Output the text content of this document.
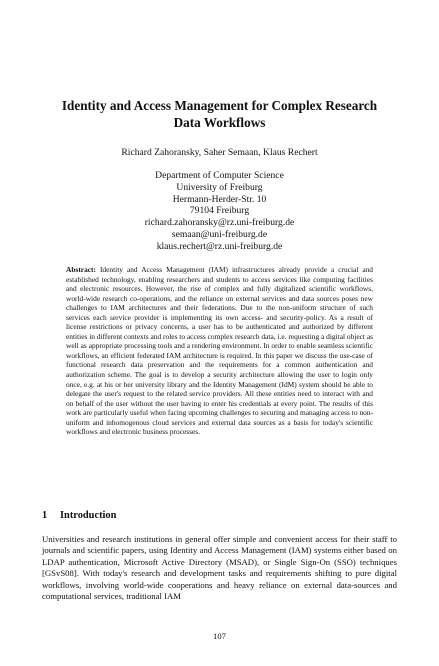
Identity and Access Management for Complex Research
Data Workflows

Richard Zahoransky, Saher Semaan, Klaus Rechert

Department of Computer Science
University of Freiburg
Hermann-Herder-Str. 10
79104 Freiburg
richard.zahoransky@rz.uni-freiburg.de
semaan@uni-freiburg.de
klaus.rechert@rz.uni-freiburg.de

Abstract: Identity and Access Management (IAM) infrastructures already provide a crucial and established technology, enabling researchers and students to access services like computing facilities and electronic resources. However, the rise of complex and fully digitalized scientific workflows, world-wide research co-operations, and the reliance on external services and data sources poses new challenges to IAM architectures and their federations. Due to the non-uniform structure of such services each service provider is implementing its own access- and security-policy. As a result of license restrictions or privacy concerns, a user has to be authenticated and authorized by different entities in different contexts and roles to access complex research data, i.e. requesting a digital object as well as appropriate processing tools and a rendering environment. In order to enable seamless scientific workflows, an efficient federated IAM architecture is required. In this paper we discuss the use-case of functional research data preservation and the requirements for a common authentication and authorization scheme. The goal is to develop a security architecture allowing the user to login only once, e.g. at his or her university library and the Identity Management (IdM) system should be able to delegate the user's request to the related service providers. All these entities need to interact with and on behalf of the user without the user having to enter his credentials at every point. The results of this work are particularly useful when facing upcoming challenges to securing and managing access to non-uniform and inhomogenous cloud services and external data sources as a basis for today's scientific workflows and electronic business processes.

1 Introduction

Universities and research institutions in general offer simple and convenient access for their staff to journals and scientific papers, using Identity and Access Management (IAM) systems either based on LDAP authentication, Microsoft Active Directory (MSAD), or Single Sign-On (SSO) techniques [GSvS08]. With today's research and development tasks and requirements shifting to pure digital workflows, involving world-wide cooperations and heavy reliance on external data-sources and computational services, traditional IAM

107
